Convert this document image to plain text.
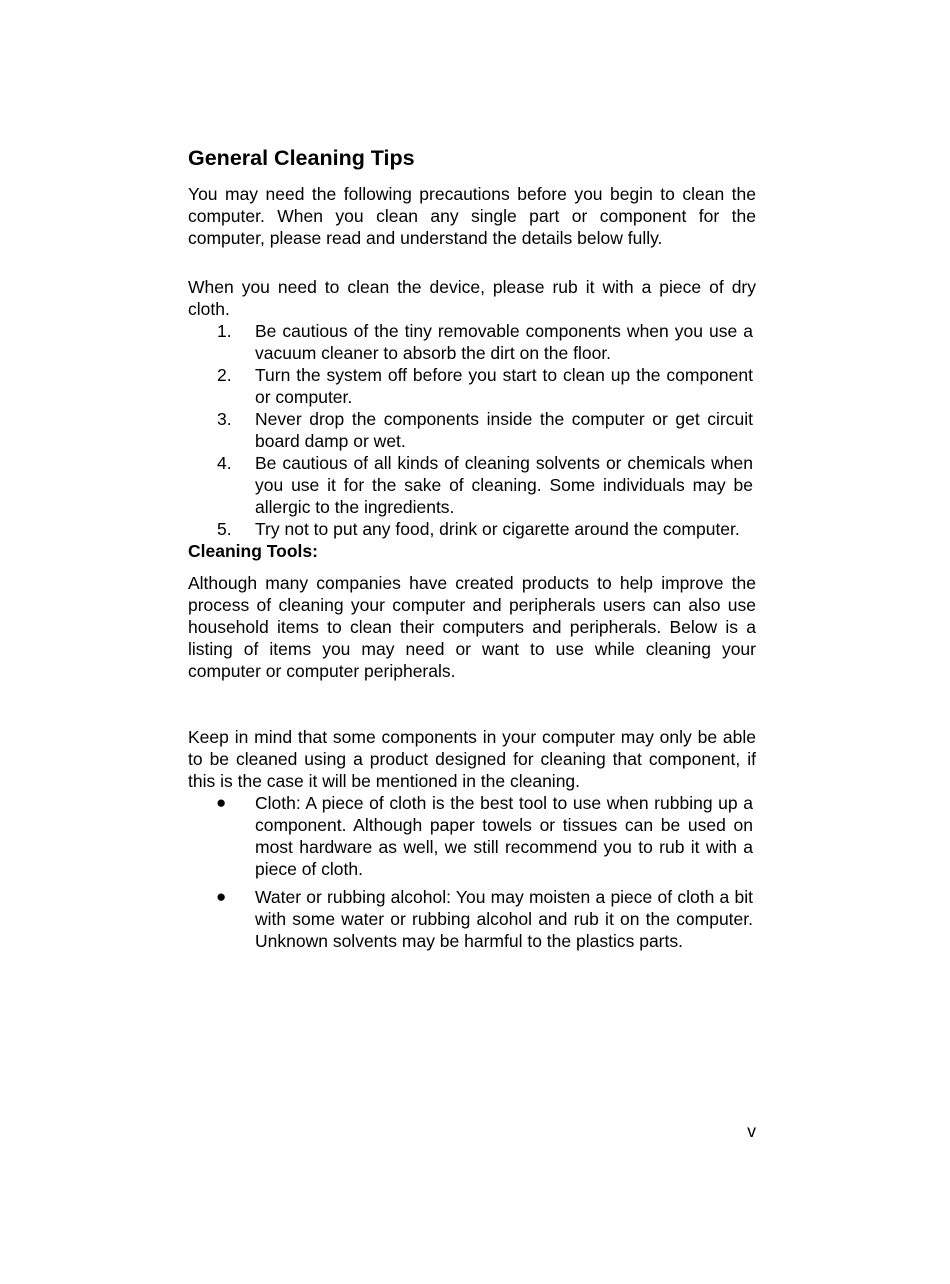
General Cleaning Tips

You may need the following precautions before you begin to clean the computer. When you clean any single part or component for the computer, please read and understand the details below fully.

When you need to clean the device, please rub it with a piece of dry cloth.

1. Be cautious of the tiny removable components when you use a vacuum cleaner to absorb the dirt on the floor.
2. Turn the system off before you start to clean up the component or computer.
3. Never drop the components inside the computer or get circuit board damp or wet.
4. Be cautious of all kinds of cleaning solvents or chemicals when you use it for the sake of cleaning. Some individuals may be allergic to the ingredients.
5. Try not to put any food, drink or cigarette around the computer.
Cleaning Tools:

Although many companies have created products to help improve the process of cleaning your computer and peripherals users can also use household items to clean their computers and peripherals. Below is a listing of items you may need or want to use while cleaning your computer or computer peripherals.

Keep in mind that some components in your computer may only be able to be cleaned using a product designed for cleaning that component, if this is the case it will be mentioned in the cleaning.

● Cloth: A piece of cloth is the best tool to use when rubbing up a component. Although paper towels or tissues can be used on most hardware as well, we still recommend you to rub it with a piece of cloth.
● Water or rubbing alcohol: You may moisten a piece of cloth a bit with some water or rubbing alcohol and rub it on the computer. Unknown solvents may be harmful to the plastics parts.
v
